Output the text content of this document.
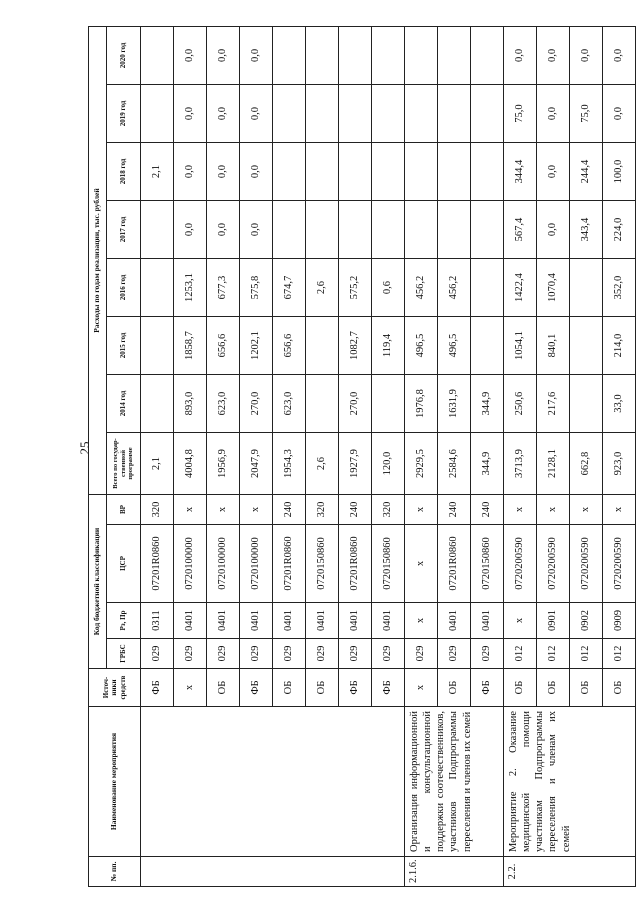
25
№ пп.	Наименование мероприятия	Источ-ники средств	Код бюджетной классификации				Расходы по годам реализации, тыс. рублей							
			ГРБС	Рз, Пр	ЦСР	ВР	Всего по государ-ственной программе	2014 год	2015 год	2016 год	2017 год	2018 год	2019 год	2020 год
		ФБ	029	0311	07201R0860	320	2,1					2,1		
		х	029	0401	0720100000	х	4004,8	893,0	1858,7	1253,1	0,0	0,0	0,0	0,0
		ОБ	029	0401	0720100000	х	1956,9	623,0	656,6	677,3	0,0	0,0	0,0	0,0
		ФБ	029	0401	0720100000	х	2047,9	270,0	1202,1	575,8	0,0	0,0	0,0	0,0
		ОБ	029	0401	07201R0860	240	1954,3	623,0	656,6	674,7				
		ОБ	029	0401	0720150860	320	2,6			2,6				
		ФБ	029	0401	07201R0860	240	1927,9	270,0	1082,7	575,2				
		ФБ	029	0401	0720150860	320	120,0		119,4	0,6				
2.1.6.	Организация информационной и консультационной поддержки соотечественников, участников Подпрограммы переселения и членов их семей	х	029	х	х	х	2929,5	1976,8	496,5	456,2				
		ОБ	029	0401	07201R0860	240	2584,6	1631,9	496,5	456,2				
		ФБ	029	0401	0720150860	240	344,9	344,9						
2.2.	Мероприятие 2. Оказание медицинской помощи участникам Подпрограммы переселения и членам их семей	ОБ	012	х	0720200590	х	3713,9	250,6	1054,1	1422,4	567,4	344,4	75,0	0,0
		ОБ	012	0901	0720200590	х	2128,1	217,6	840,1	1070,4	0,0	0,0	0,0	0,0
		ОБ	012	0902	0720200590	х	662,8				343,4	244,4	75,0	0,0
		ОБ	012	0909	0720200590	х	923,0	33,0	214,0	352,0	224,0	100,0	0,0	0,0
